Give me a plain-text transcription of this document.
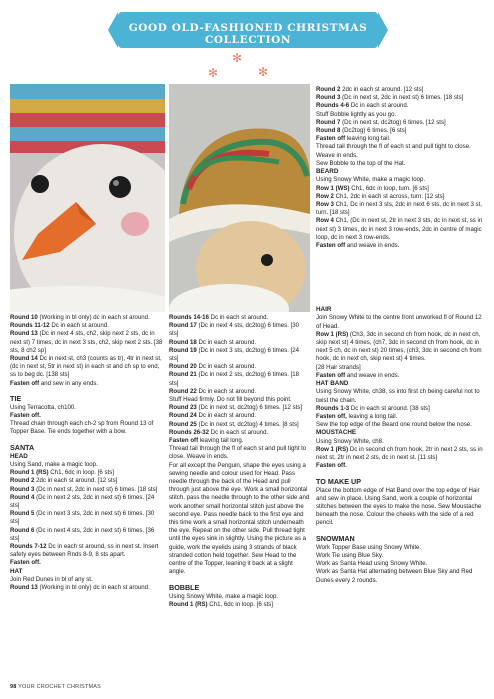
GOOD OLD-FASHIONED CHRISTMAS COLLECTION
✻
✻	✻

Round 10 (Working in bl only) dc in each st around.

Rounds 11-12 Dc in each st around.

Round 13 (Dc in next 4 sts, ch2, skip next 2 sts, dc in next st) 7 times, dc in next 3 sts, ch2, skip next 2 sts. [38 sts, 8 ch2 sp]

Round 14 Dc in next st, ch3 (counts as tr), 4tr in next st, (dc in next st, 5tr in next st) in each st and ch sp to end, ss to beg dc. [138 sts]

Fasten off and sew in any ends.

TIE

Using Terracotta, ch100.

Fasten off.

Thread chain through each ch-2 sp from Round 13 of Topper Base. Tie ends together with a bow.

SANTA
HEAD

Using Sand, make a magic loop.

Round 1 (RS) Ch1, 6dc in loop. [6 sts]

Round 2 2dc in each st around. [12 sts]

Round 3 (Dc in next st, 2dc in next st) 6 times. [18 sts]

Round 4 (Dc in next 2 sts, 2dc in next st) 6 times. [24 sts]

Round 5 (Dc in next 3 sts, 2dc in next st) 6 times. [30 sts]

Round 6 (Dc in next 4 sts, 2dc in next st) 6 times. [36 sts]

Rounds 7-12 Dc in each st around, ss in next st. Insert safety eyes between Rnds 8-9, 8 sts apart.

Fasten off.

HAT

Join Red Dunes in bl of any st.

Round 13 (Working in bl only) dc in each st around.

Rounds 14-16 Dc in each st around.

Round 17 (Dc in next 4 sts, dc2tog) 6 times. [30 sts]

Round 18 Dc in each st around.

Round 19 (Dc in next 3 sts, dc2tog) 6 times. [24 sts]

Round 20 Dc in each st around.

Round 21 (Dc in next 2 sts, dc2tog) 6 times. [18 sts]

Round 22 Dc in each st around.

Stuff Head firmly. Do not fill beyond this point.

Round 23 (Dc in next st, dc2tog) 6 times. [12 sts]

Round 24 Dc in each st around.

Round 25 (Dc in next st, dc2tog) 4 times. [8 sts]

Rounds 26-32 Dc in each st around.

Fasten off leaving tail long.

Thread tail through the fl of each st and pull tight to close. Weave in ends.

For all except the Penguin, shape the eyes using a sewing needle and colour used for Head. Pass needle through the back of the Head and pull through just above the eye. Work a small horizontal stitch, pass the needle through to the other side and work another small horizontal stitch just above the second eye. Pass needle back to the first eye and this time work a small horizontal stitch underneath the eye. Repeat on the other side. Pull thread tight until the eyes sink in slightly. Using the picture as a guide, work the eyelids using 3 strands of black stranded cotton held together. Sew Head to the centre of the Topper, leaning it back at a slight angle.

BOBBLE

Using Snowy White, make a magic loop.

Round 1 (RS) Ch1, 6dc in loop. [6 sts]

Round 2 2dc in each st around. [12 sts]

Round 3 (Dc in next st, 2dc in next st) 6 times. [18 sts]

Rounds 4-6 Dc in each st around.

Stuff Bobble lightly as you go.

Round 7 (Dc in next st, dc2tog) 6 times. [12 sts]

Round 8 (Dc2tog) 6 times. [6 sts]

Fasten off leaving long tail.

Thread tail through the fl of each st and pull tight to close. Weave in ends.

Sew Bobble to the top of the Hat.

BEARD

Using Snowy White, make a magic loop.

Row 1 (WS) Ch1, 6dc in loop, turn. [6 sts]

Row 2 Ch1, 2dc in each st across, turn. [12 sts]

Row 3 Ch1, Dc in next 3 sts, 2dc in next 6 sts, dc in next 3 st, turn. [18 sts]

Row 4 Ch1, (Dc in next st, 2tr in next 3 sts, dc in next st, ss in next st) 3 times, dc in next 3 row-ends, 2dc in centre of magic loop, dc in next 3 row-ends.

Fasten off and weave in ends.

HAIR

Join Snowy White to the centre front unworked fl of Round 12 of Head.

Row 1 (RS) (Ch3, 3dc in second ch from hook, dc in next ch, skip next st) 4 times, (ch7, 3dc in second ch from hook, dc in next 5 ch, dc in next st) 20 times, (ch3, 3dc in second ch from hook, dc in next ch, skip next st) 4 times.

[28 Hair strands]

Fasten off and weave in ends.

HAT BAND

Using Snowy White, ch38, ss into first ch being careful not to twist the chain.

Rounds 1-3 Dc in each st around. [38 sts]

Fasten off, leaving a long tail.

Sew the top edge of the Beard one round below the nose.

MOUSTACHE

Using Snowy White, ch8.

Row 1 (RS) Dc in second ch from hook, 2tr in next 2 sts, ss in next st, 2tr in next 2 sts, dc in next st. [11 sts]

Fasten off.

TO MAKE UP

Place the bottom edge of Hat Band over the top edge of Hair and sew in place. Using Sand, work a couple of horizontal stitches between the eyes to make the nose. Sew Moustache beneath the nose. Colour the cheeks with the side of a red pencil.

SNOWMAN

Work Topper Base using Snowy White.

Work Tie using Blue Sky.

Work as Santa Head using Snowy White.

Work as Santa Hat alternating between Blue Sky and Red Dunes every 2 rounds.

98 YOUR CROCHET CHRISTMAS
